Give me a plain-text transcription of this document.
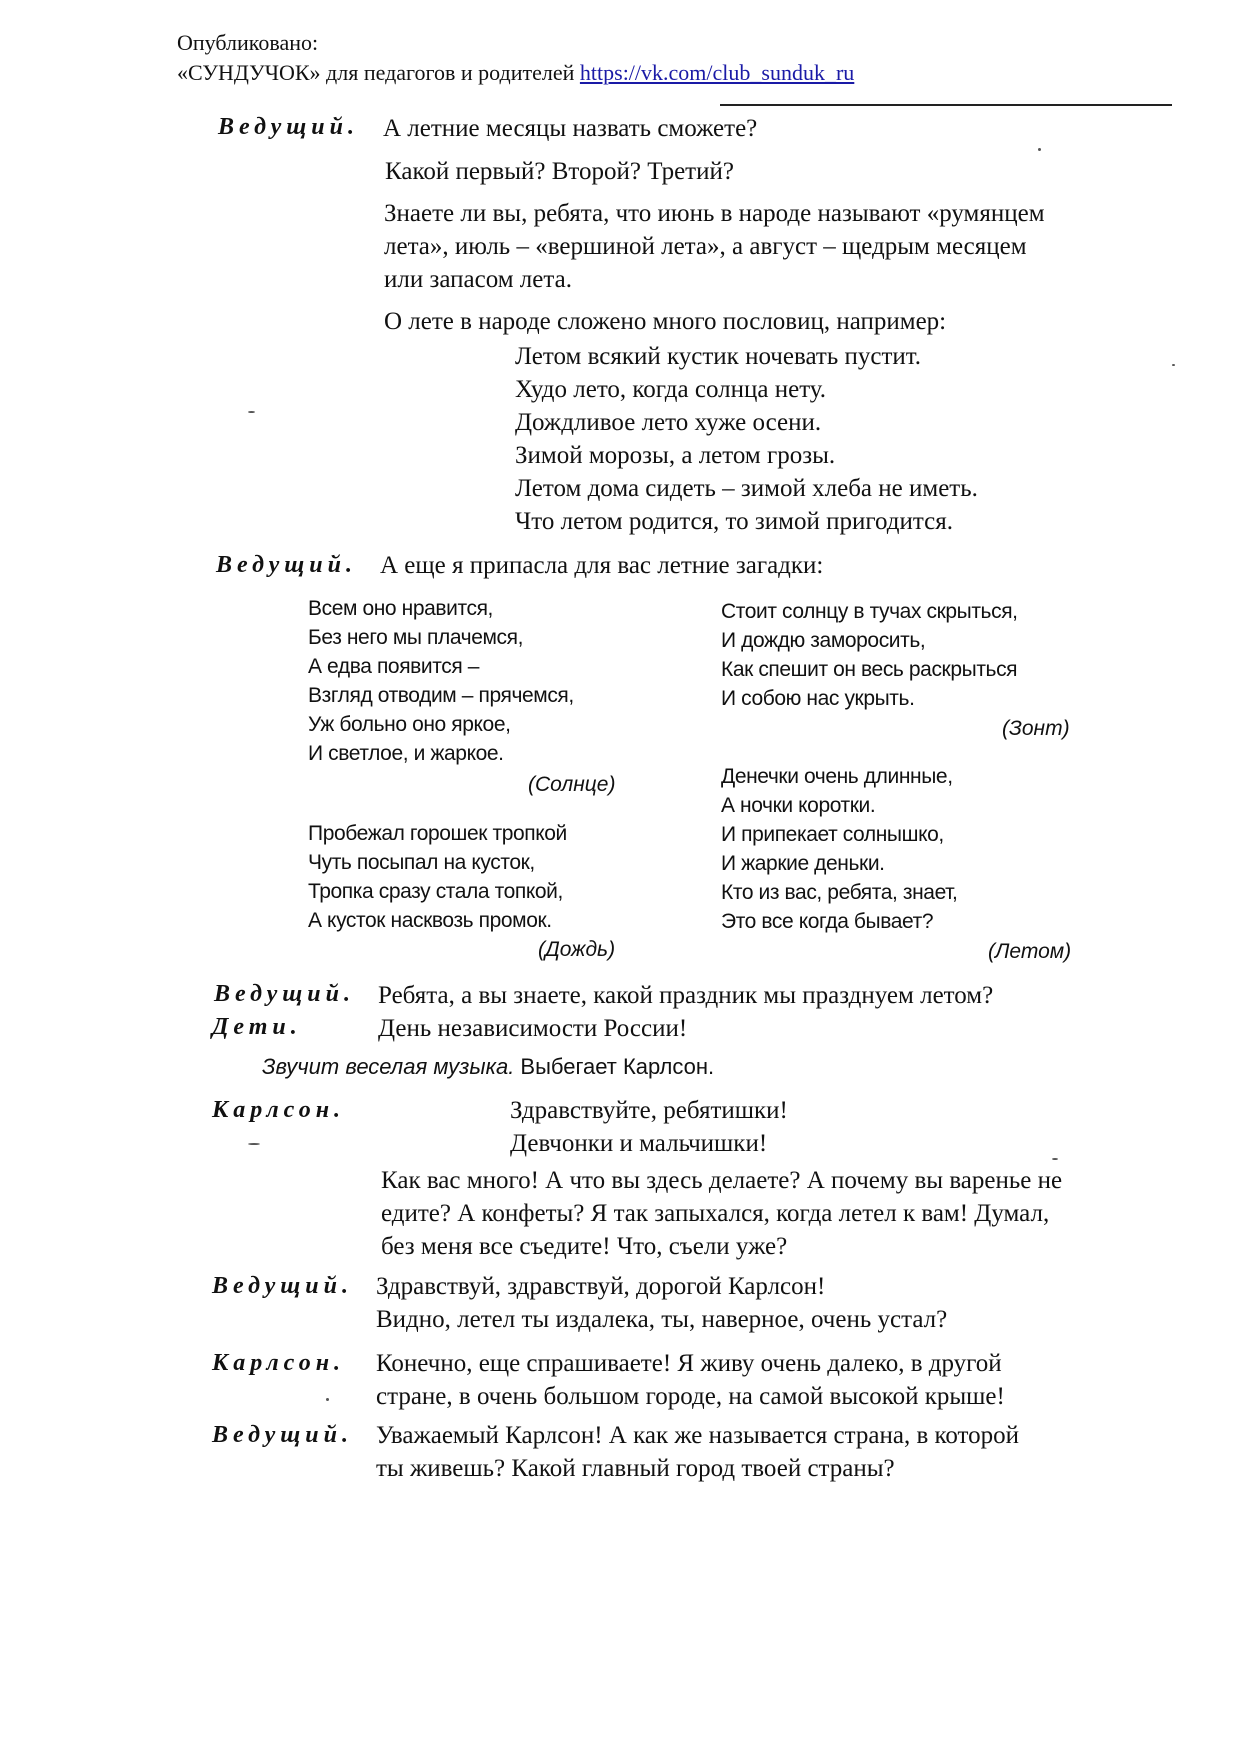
Опубликовано:
«СУНДУЧОК» для педагогов и родителей https://vk.com/club_sunduk_ru
Ведущий. А летние месяцы назвать сможете?
Какой первый? Второй? Третий?
Знаете ли вы, ребята, что июнь в народе называют «румянцем
лета», июль – «вершиной лета», а август – щедрым месяцем
или запасом лета.
О лете в народе сложено много пословиц, например:
Летом всякий кустик ночевать пустит.
Худо лето, когда солнца нету.
Дождливое лето хуже осени.
Зимой морозы, а летом грозы.
Летом дома сидеть – зимой хлеба не иметь.
Что летом родится, то зимой пригодится.
Ведущий. А еще я припасла для вас летние загадки:
Всем оно нравится,
Без него мы плачемся,
А едва появится –
Взгляд отводим – прячемся,
Уж больно оно яркое,
И светлое, и жаркое.
(Солнце)
Пробежал горошек тропкой
Чуть посыпал на кусток,
Тропка сразу стала топкой,
А кусток насквозь промок.
(Дождь)
Стоит солнцу в тучах скрыться,
И дождю заморосить,
Как спешит он весь раскрыться
И собою нас укрыть.
(Зонт)
Денечки очень длинные,
А ночки коротки.
И припекает солнышко,
И жаркие деньки.
Кто из вас, ребята, знает,
Это все когда бывает?
(Летом)
Ведущий. Ребята, а вы знаете, какой праздник мы празднуем летом?
Дети.	День независимости России!
Звучит веселая музыка. Выбегает Карлсон.
Карлсон.	Здравствуйте, ребятишки!
Девчонки и мальчишки!
Как вас много! А что вы здесь делаете? А почему вы варенье не
едите? А конфеты? Я так запыхался, когда летел к вам! Думал,
без меня все съедите! Что, съели уже?
Ведущий. Здравствуй, здравствуй, дорогой Карлсон!
Видно, летел ты издалека, ты, наверное, очень устал?
Карлсон. Конечно, еще спрашиваете! Я живу очень далеко, в другой
стране, в очень большом городе, на самой высокой крыше!
Ведущий. Уважаемый Карлсон! А как же называется страна, в которой
ты живешь? Какой главный город твоей страны?
